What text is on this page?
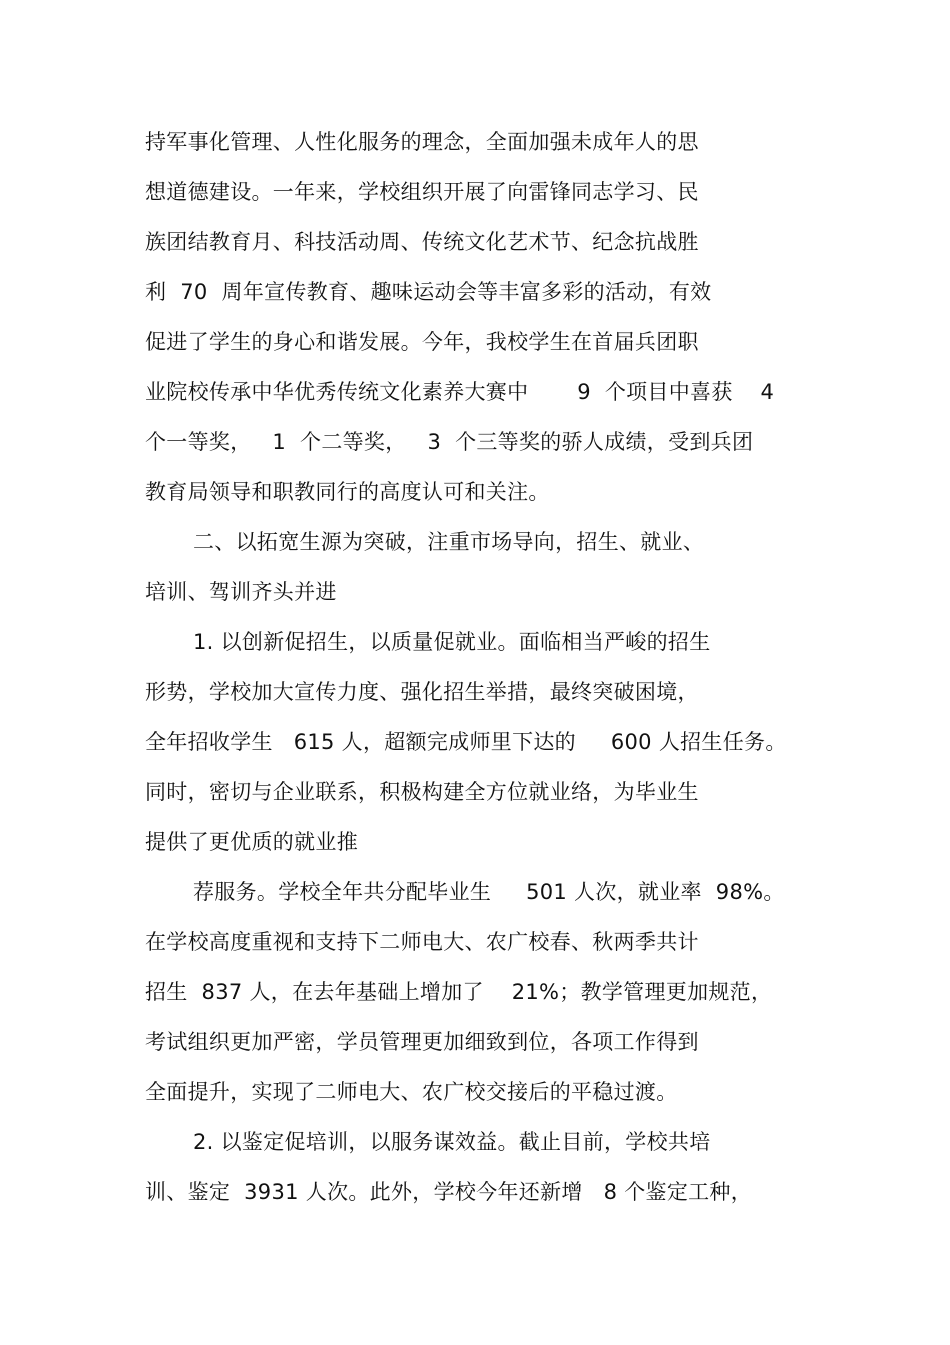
持军事化管理、人性化服务的理念，全面加强未成年人的思
想道德建设。一年来，学校组织开展了向雷锋同志学习、民
族团结教育月、科技活动周、传统文化艺术节、纪念抗战胜
利  70  周年宣传教育、趣味运动会等丰富多彩的活动，有效
促进了学生的身心和谐发展。今年，我校学生在首届兵团职
业院校传承中华优秀传统文化素养大赛中       9  个项目中喜获    4
个一等奖，   1  个二等奖，   3  个三等奖的骄人成绩，受到兵团
教育局领导和职教同行的高度认可和关注。
二、以拓宽生源为突破，注重市场导向，招生、就业、
培训、驾训齐头并进
1. 以创新促招生，以质量促就业。面临相当严峻的招生
形势，学校加大宣传力度、强化招生举措，最终突破困境，
全年招收学生   615 人，超额完成师里下达的     600 人招生任务。
同时，密切与企业联系，积极构建全方位就业络，为毕业生
提供了更优质的就业推
荐服务。学校全年共分配毕业生     501 人次，就业率  98%。
在学校高度重视和支持下二师电大、农广校春、秋两季共计
招生  837 人，在去年基础上增加了    21%；教学管理更加规范，
考试组织更加严密，学员管理更加细致到位，各项工作得到
全面提升，实现了二师电大、农广校交接后的平稳过渡。
2. 以鉴定促培训，以服务谋效益。截止目前，学校共培
训、鉴定  3931 人次。此外，学校今年还新增   8 个鉴定工种，
